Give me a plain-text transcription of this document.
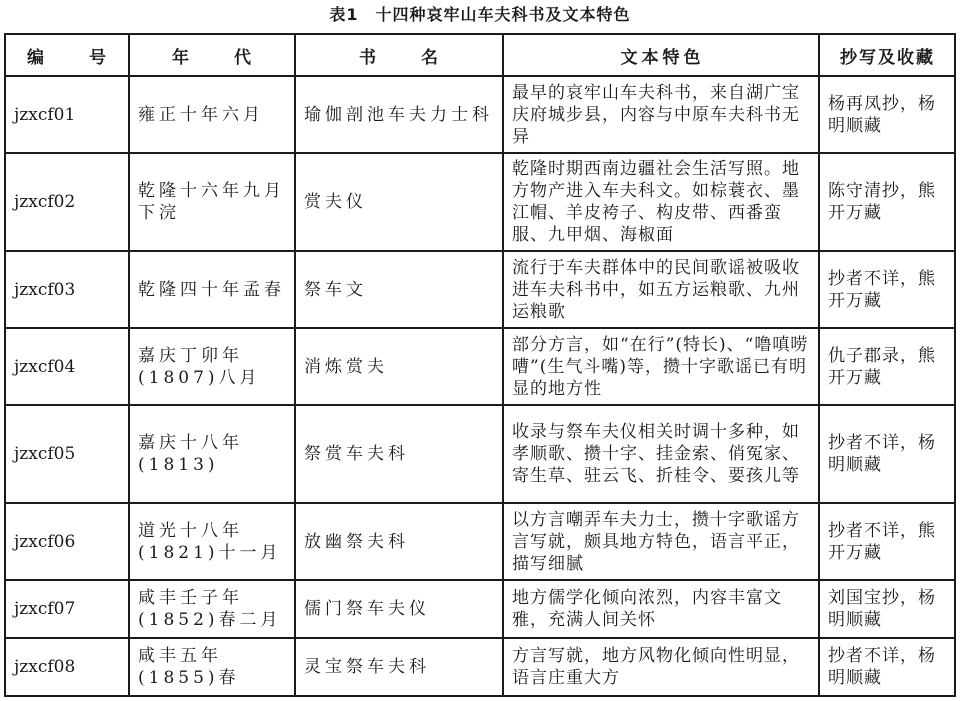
表1　十四种哀牢山车夫科书及文本特色
编　号	年　代	书　名	文本特色	抄写及收藏
jzxcf01	雍正十年六月	瑜伽剖池车夫力士科	最早的哀牢山车夫科书，来自湖广宝庆府城步县，内容与中原车夫科书无异	杨再凤抄，杨明顺藏
jzxcf02	乾隆十六年九月下浣	赏夫仪	乾隆时期西南边疆社会生活写照。地方物产进入车夫科文。如棕蓑衣、墨江帽、羊皮袴子、构皮带、西番蛮服、九甲烟、海椒面	陈守清抄，熊开万藏
jzxcf03	乾隆四十年孟春	祭车文	流行于车夫群体中的民间歌谣被吸收进车夫科书中，如五方运粮歌、九州运粮歌	抄者不详，熊开万藏
jzxcf04	嘉庆丁卯年(1807)八月	消炼赏夫	部分方言，如“在行”(特长)、“噜嗔唠嘈”(生气斗嘴)等，攒十字歌谣已有明显的地方性	仇子郡录，熊开万藏
jzxcf05	嘉庆十八年(1813)	祭赏车夫科	收录与祭车夫仪相关时调十多种，如孝顺歌、攒十字、挂金索、俏冤家、寄生草、驻云飞、折桂令、要孩儿等	抄者不详，杨明顺藏
jzxcf06	道光十八年(1821)十一月	放幽祭夫科	以方言嘲弄车夫力士，攒十字歌谣方言写就，颇具地方特色，语言平正，描写细腻	抄者不详，熊开万藏
jzxcf07	咸丰壬子年(1852)春二月	儒门祭车夫仪	地方儒学化倾向浓烈，内容丰富文雅，充满人间关怀	刘国宝抄，杨明顺藏
jzxcf08	咸丰五年(1855)春	灵宝祭车夫科	方言写就，地方风物化倾向性明显，语言庄重大方	抄者不详，杨明顺藏
